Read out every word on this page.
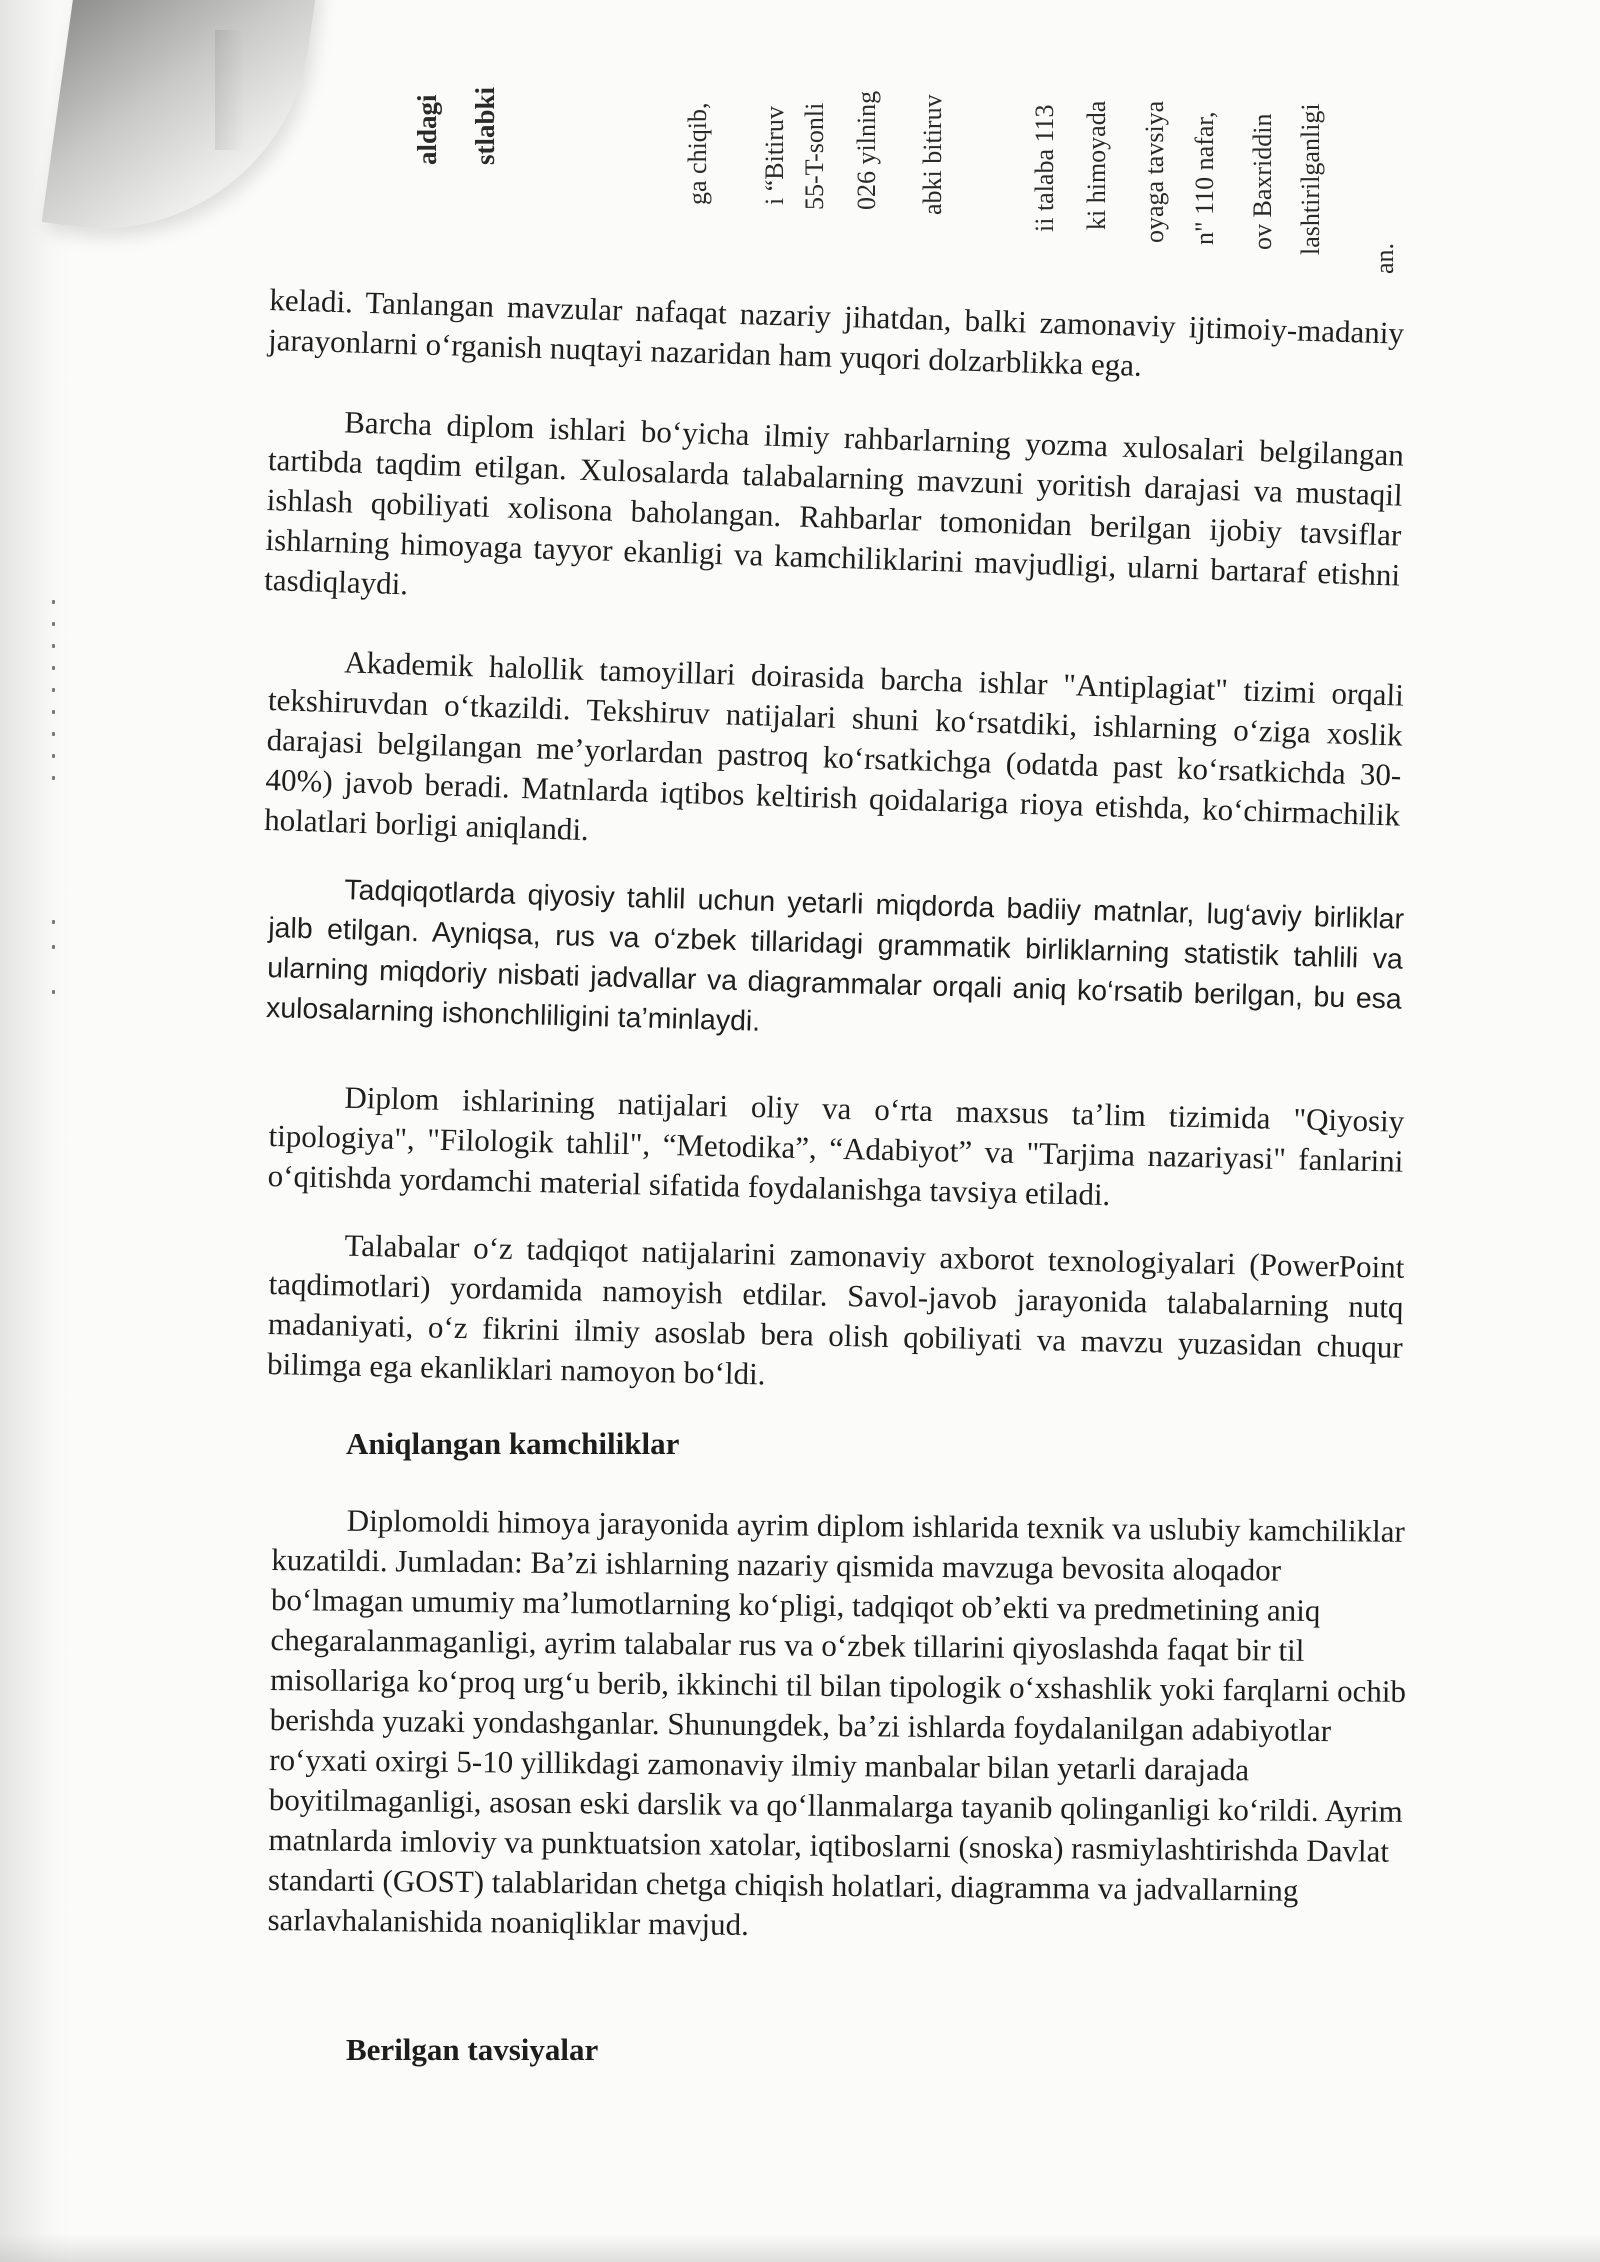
aldagi stlabki	ga chiqib, i “Bitiruv 55-T-sonli 026 yilning abki bitiruv	ii talaba 113 ki himoyada oyaga tavsiya n" 110 nafar, ov Baxriddin lashtirilganligi
an.

keladi. Tanlangan mavzular nafaqat nazariy jihatdan, balki zamonaviy ijtimoiy-madaniy jarayonlarni o‘rganish nuqtayi nazaridan ham yuqori dolzarblikka ega.

Barcha diplom ishlari bo‘yicha ilmiy rahbarlarning yozma xulosalari belgilangan tartibda taqdim etilgan. Xulosalarda talabalarning mavzuni yoritish darajasi va mustaqil ishlash qobiliyati xolisona baholangan. Rahbarlar tomonidan berilgan ijobiy tavsiflar ishlarning himoyaga tayyor ekanligi va kamchiliklarini mavjudligi, ularni bartaraf etishni tasdiqlaydi.

Akademik halollik tamoyillari doirasida barcha ishlar "Antiplagiat" tizimi orqali tekshiruvdan o‘tkazildi. Tekshiruv natijalari shuni ko‘rsatdiki, ishlarning o‘ziga xoslik darajasi belgilangan me’yorlardan pastroq ko‘rsatkichga (odatda past ko‘rsatkichda 30-40%) javob beradi. Matnlarda iqtibos keltirish qoidalariga rioya etishda, ko‘chirmachilik holatlari borligi aniqlandi.

Tadqiqotlarda qiyosiy tahlil uchun yetarli miqdorda badiiy matnlar, lug‘aviy birliklar jalb etilgan. Ayniqsa, rus va o‘zbek tillaridagi grammatik birliklarning statistik tahlili va ularning miqdoriy nisbati jadvallar va diagrammalar orqali aniq ko‘rsatib berilgan, bu esa xulosalarning ishonchliligini ta’minlaydi.

Diplom ishlarining natijalari oliy va o‘rta maxsus ta’lim tizimida "Qiyosiy tipologiya", "Filologik tahlil", “Metodika”, “Adabiyot” va "Tarjima nazariyasi" fanlarini o‘qitishda yordamchi material sifatida foydalanishga tavsiya etiladi.

Talabalar o‘z tadqiqot natijalarini zamonaviy axborot texnologiyalari (PowerPoint taqdimotlari) yordamida namoyish etdilar. Savol-javob jarayonida talabalarning nutq madaniyati, o‘z fikrini ilmiy asoslab bera olish qobiliyati va mavzu yuzasidan chuqur bilimga ega ekanliklari namoyon bo‘ldi.

Aniqlangan kamchiliklar

Diplomoldi himoya jarayonida ayrim diplom ishlarida texnik va uslubiy kamchiliklar kuzatildi. Jumladan: Ba’zi ishlarning nazariy qismida mavzuga bevosita aloqador bo‘lmagan umumiy ma’lumotlarning ko‘pligi, tadqiqot ob’ekti va predmetining aniq chegaralanmaganligi, ayrim talabalar rus va o‘zbek tillarini qiyoslashda faqat bir til misollariga ko‘proq urg‘u berib, ikkinchi til bilan tipologik o‘xshashlik yoki farqlarni ochib berishda yuzaki yondashganlar. Shunungdek, ba’zi ishlarda foydalanilgan adabiyotlar ro‘yxati oxirgi 5-10 yillikdagi zamonaviy ilmiy manbalar bilan yetarli darajada boyitilmaganligi, asosan eski darslik va qo‘llanmalarga tayanib qolinganligi ko‘rildi. Ayrim matnlarda imloviy va punktuatsion xatolar, iqtiboslarni (snoska) rasmiylashtirishda Davlat standarti (GOST) talablaridan chetga chiqish holatlari, diagramma va jadvallarning sarlavhalanishida noaniqliklar mavjud.

Berilgan tavsiyalar
